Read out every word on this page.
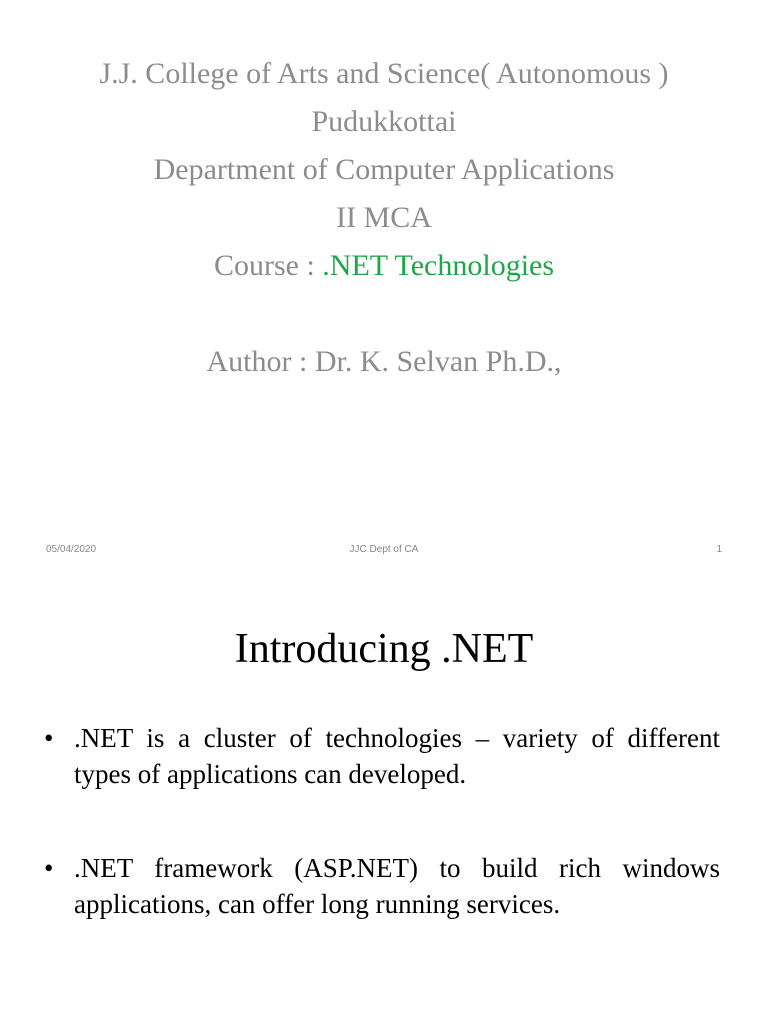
J.J. College of Arts and Science( Autonomous )
Pudukkottai
Department of Computer Applications
II MCA
Course : .NET Technologies
Author : Dr. K. Selvan Ph.D.,
05/04/2020	JJC Dept of CA	1
Introducing .NET
• .NET is a cluster of technologies – variety of different types of applications can developed.
• .NET framework (ASP.NET) to build rich windows applications, can offer long running services.
